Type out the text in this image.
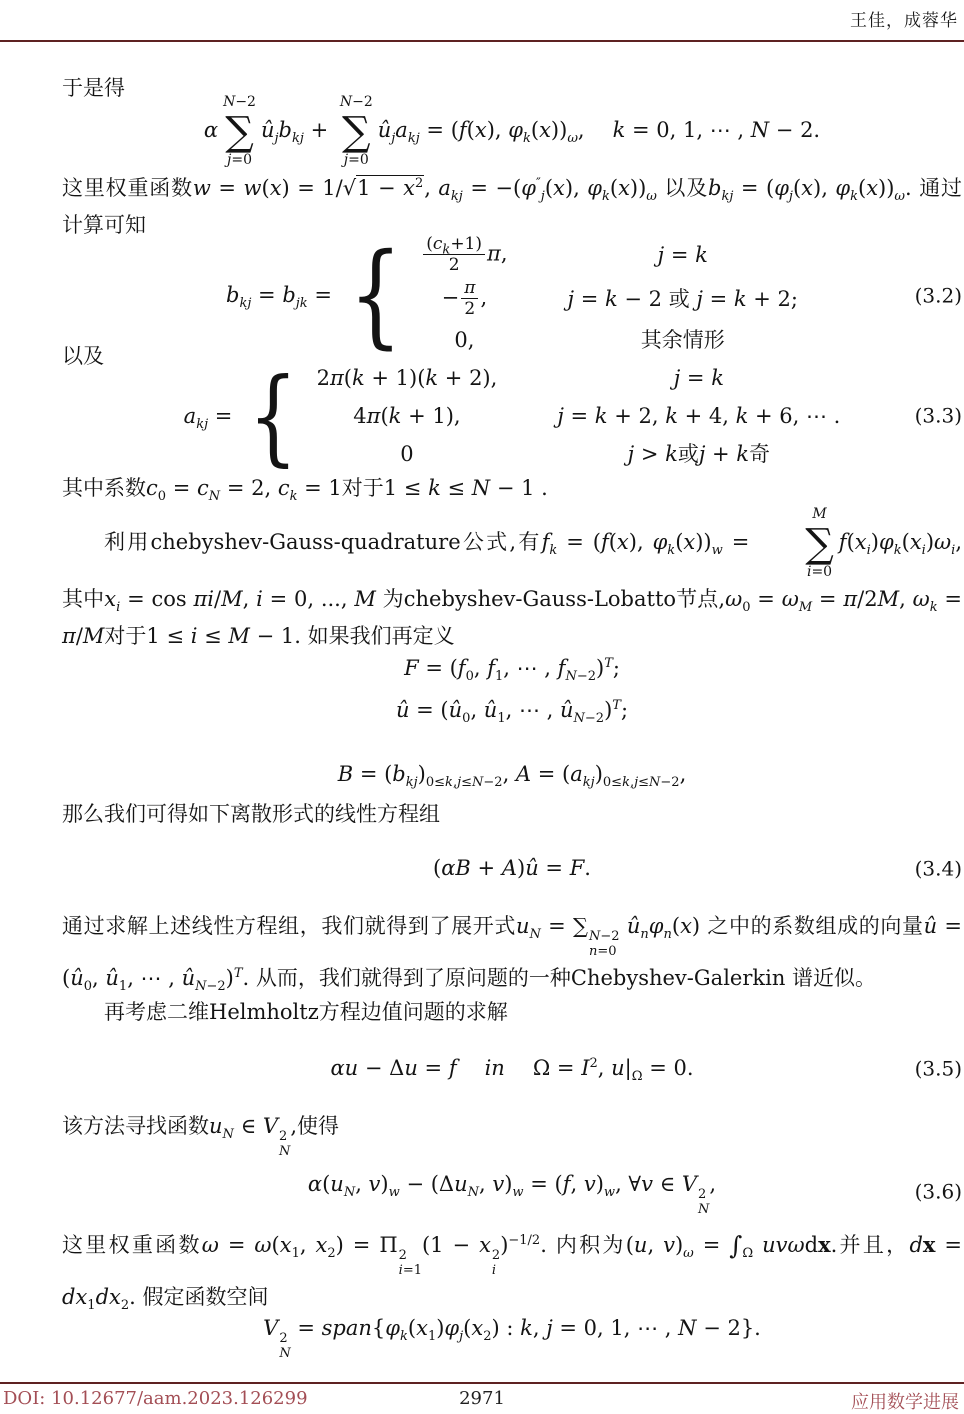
王佳，成蓉华
于是得
α
N−2
∑
j=0
$û_jb_{kj}$ +
N−2
∑
j=0
$û_ja_{kj} = (f(x)$, $\varphi_k(x))_\omega$, k = 0, 1, ⋯ , N − 2.
这里权重函数$w = w(x) = 1/√1 - x^2$, $a_{kj} = -(\varphi''_j(x)$, $\varphi_k(x))_\omega$ 以及$b_{kj} = (\varphi_j(x)$, $\varphi_k(x))_\omega$. 通过计算可知
$b_{kj} = b_{jk}$ =
{
$\frac{(c_k+1)}{2} \pi$,	j = k
− $\frac{\pi}{2}$ ,	j = k − 2 或 j = k + 2;
0,	其余情形
(3.2)
以及
$a_{kj}$ =
{
2π(k + 1)(k + 2),	j = k
4π(k + 1),	j = k + 2, k + 4, k + 6, ⋯ .
0	j > k或j + k奇
(3.3)
其中系数$c_0 = c_N = 2$, $c_k = 1$对于1 ≤ k ≤ N − 1 .
利用chebyshev-Gauss-quadrature公式,有$f_k = (f(x)$, $\varphi_k(x))_w$ =
M
∑
i=0
$f(x_i)\varphi_k(x_i)\omega_i$, 其中$x_i = \cos \pi i/M$, i = 0, ..., M 为chebyshev-Gauss-Lobatto节点$,\omega_0 = \omega_M = \pi/2M$, $\omega_k = \pi/M$对于1 ≤ i ≤ M − 1. 如果我们再定义
$F = (f_0$, $f_1$, ⋯ , $f_{N-2})^T$;
û = ($û_0$, $û_1$, ⋯ , $û_{N-2})^T$;
$B = (b_{kj})_{0\le k,j\le N-2}$, $A = (a_{kj})_{0\le k,j\le N-2}$,
那么我们可得如下离散形式的线性方程组
(αB + A)û = F.	(3.4)
通过求解上述线性方程组，我们就得到了展开式$u_N$ = ∑ N−2
n=0
$û_n\varphi_n(x)$ 之中的系数组成的向量û = ($û_0$, $û_1$, ⋯ , $û_{N-2})^T$. 从而，我们就得到了原问题的一种Chebyshev-Galerkin 谱近似。
再考虑二维Helmholtz方程边值问题的求解
αu − Δu = f in $\Omega = I^2$, $u|_\Omega = 0$.	(3.5)
该方法寻找函数$u_N$ ∈ V 2
N
,使得
$\alpha(u_N$, $v)_w - (\Delta u_N$, $v)_w = (f$, $v)_w$, ∀v ∈ V 2
N
,	(3.6)
这里权重函数$\omega = \omega(x_1$, $x_2) = \Pi$ 2
i=1
(1 − x 2
i
)$^{-1/2}$. 内积为(u, $v)_\omega = \int_\Omega$ uvωdx.并且，dx = $dx_1dx_2$. 假定函数空间
V 2
N
= $span\{\varphi_k(x_1)\varphi_j(x_2)$ : k, j = 0, 1, ⋯ , N − 2}.
DOI: 10.12677/aam.2023.126299	2971	应用数学进展
